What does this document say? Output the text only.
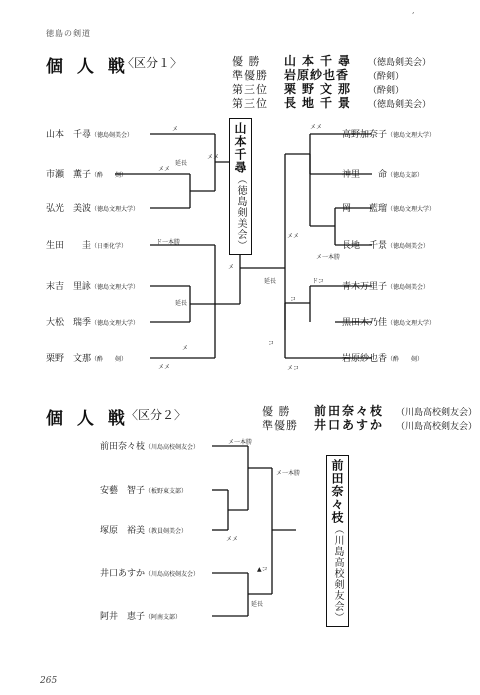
徳島の剣道
,
個 人 戦
〈区分１〉	優 勝 山本千尋 （徳島剣美会）
準優勝 岩原紗也香 （酔剣）
第三位 栗野文那 （酔剣）
第三位 長地千景 （徳島剣美会）
山本　千尋（徳島剣美会）
市瀬　薫子（酔　　剣）
弘光　美波（徳島文理大学）
生田　　圭（日亜化学）
末吉　里詠（徳島文理大学）
大松　瑞季（徳島文理大学）
栗野　文那（酔　　剣）
高野加奈子（徳島文理大学）
神里　　命（徳島支部）
岡　　藍瑠（徳島文理大学）
長地　千景（徳島剣美会）
青木万里子（徳島剣美会）
黒田木乃佳（徳島文理大学）
岩原紗也香（酔　　剣）
山本千尋（徳島剣美会）
メ
メメ
延長
メメ
ド一本勝
延長
メ
メメ
メ
延長
メメ
メメ
メ一本勝
ドコ
コ
コ
メコ
個 人 戦
〈区分２〉	優 勝 前田奈々枝 （川島高校剣友会）
準優勝 井口あすか （川島高校剣友会）
前田奈々枝（川島高校剣友会）
安藝　智子（板野東支部）
塚原　裕美（教員剣美会）
井口あすか（川島高校剣友会）
阿井　恵子（阿南支部）
前田奈々枝（川島高校剣友会）
メ一本勝
メ一本勝
メメ
▲コ
延長
265
